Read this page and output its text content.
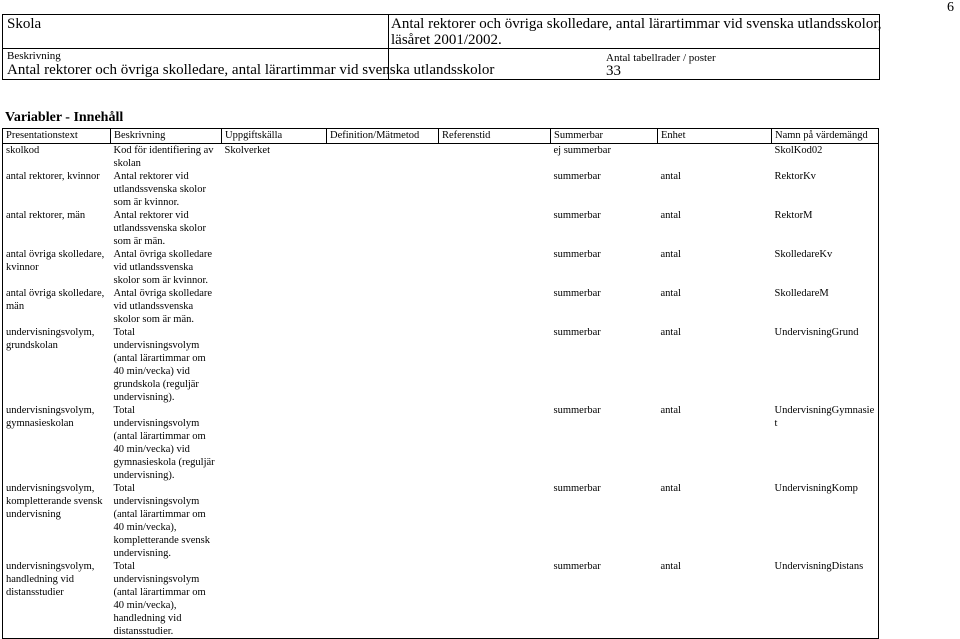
6
Skola	Antal rektorer och övriga skolledare, antal lärartimmar vid svenska utlandsskolor,
läsåret 2001/2002.
Beskrivning
Antal rektorer och övriga skolledare, antal lärartimmar vid svenska utlandsskolor
Antal tabellrader / poster
33
Variabler - Innehåll
Presentationstext	Beskrivning	Uppgiftskälla	Definition/Mätmetod	Referenstid	Summerbar	Enhet	Namn på värdemängd
skolkod	Kod för identifiering av skolan	Skolverket			ej summerbar		SkolKod02
antal rektorer, kvinnor	Antal rektorer vid utlandssvenska skolor som är kvinnor.				summerbar	antal	RektorKv
antal rektorer, män	Antal rektorer vid utlandssvenska skolor som är män.				summerbar	antal	RektorM
antal övriga skolledare, kvinnor	Antal övriga skolledare vid utlandssvenska skolor som är kvinnor.				summerbar	antal	SkolledareKv
antal övriga skolledare, män	Antal övriga skolledare vid utlandssvenska skolor som är män.				summerbar	antal	SkolledareM
undervisningsvolym, grundskolan	Total undervisningsvolym (antal lärartimmar om 40 min/vecka) vid grundskola (reguljär undervisning).				summerbar	antal	UndervisningGrund
undervisningsvolym, gymnasieskolan	Total undervisningsvolym (antal lärartimmar om 40 min/vecka) vid gymnasieskola (reguljär undervisning).				summerbar	antal	UndervisningGymnasiet
undervisningsvolym, kompletterande svensk undervisning	Total undervisningsvolym (antal lärartimmar om 40 min/vecka), kompletterande svensk undervisning.				summerbar	antal	UndervisningKomp
undervisningsvolym, handledning vid distansstudier	Total undervisningsvolym (antal lärartimmar om 40 min/vecka), handledning vid distansstudier.				summerbar	antal	UndervisningDistans
